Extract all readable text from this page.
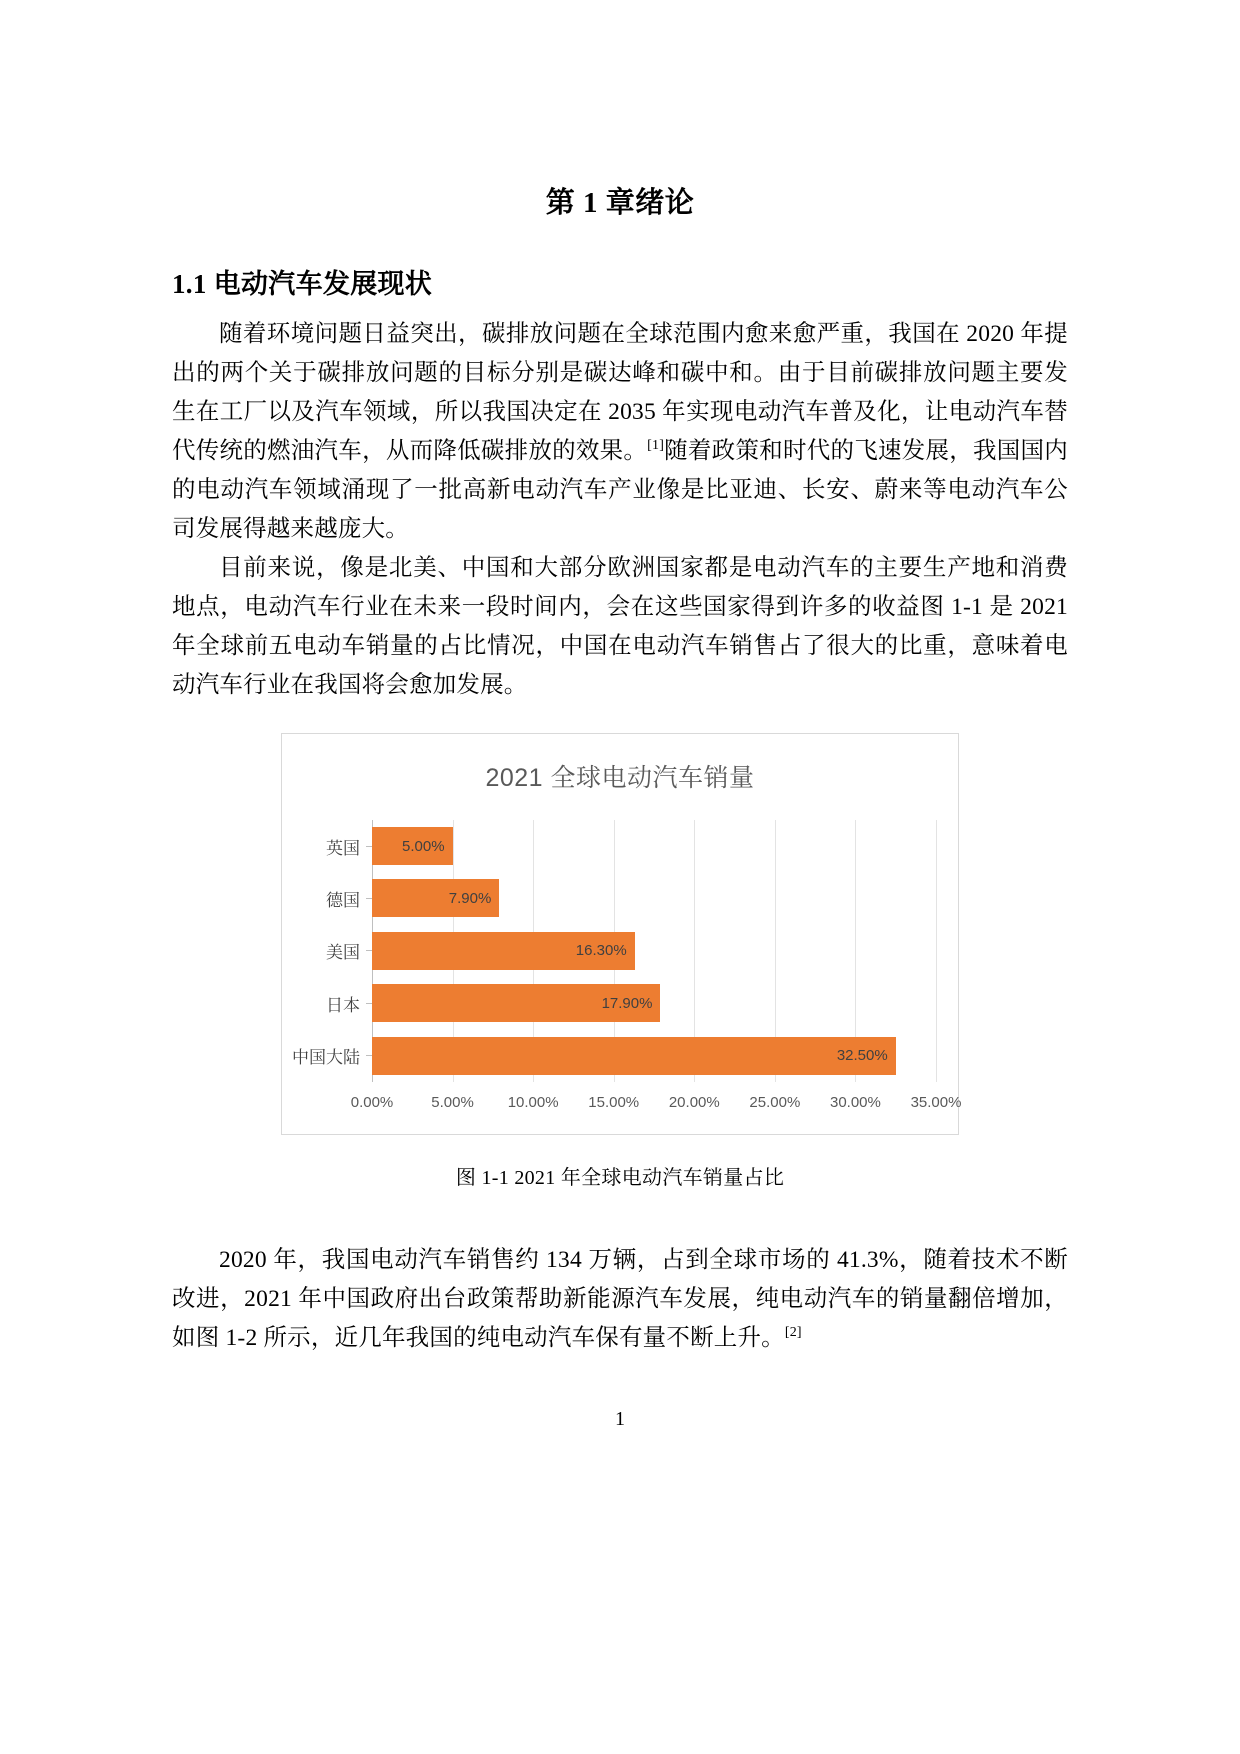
第 1 章绪论
1.1 电动汽车发展现状

随着环境问题日益突出，碳排放问题在全球范围内愈来愈严重，我国在 2020 年提出的两个关于碳排放问题的目标分别是碳达峰和碳中和。由于目前碳排放问题主要发生在工厂以及汽车领域，所以我国决定在 2035 年实现电动汽车普及化，让电动汽车替代传统的燃油汽车，从而降低碳排放的效果。[1]随着政策和时代的飞速发展，我国国内的电动汽车领域涌现了一批高新电动汽车产业像是比亚迪、长安、蔚来等电动汽车公司发展得越来越庞大。

目前来说，像是北美、中国和大部分欧洲国家都是电动汽车的主要生产地和消费地点，电动汽车行业在未来一段时间内，会在这些国家得到许多的收益图 1-1 是 2021 年全球前五电动车销量的占比情况，中国在电动汽车销售占了很大的比重，意味着电动汽车行业在我国将会愈加发展。

2021 全球电动汽车销量
英国	5.00%
德国	7.90%
美国	16.30%
日本	17.90%
中国大陆	32.50%
0.00%	5.00% 10.00% 15.00% 20.00% 25.00% 30.00% 35.00%
图 1-1 2021 年全球电动汽车销量占比

2020 年，我国电动汽车销售约 134 万辆，占到全球市场的 41.3%，随着技术不断改进，2021 年中国政府出台政策帮助新能源汽车发展，纯电动汽车的销量翻倍增加，如图 1-2 所示，近几年我国的纯电动汽车保有量不断上升。[2]

1
